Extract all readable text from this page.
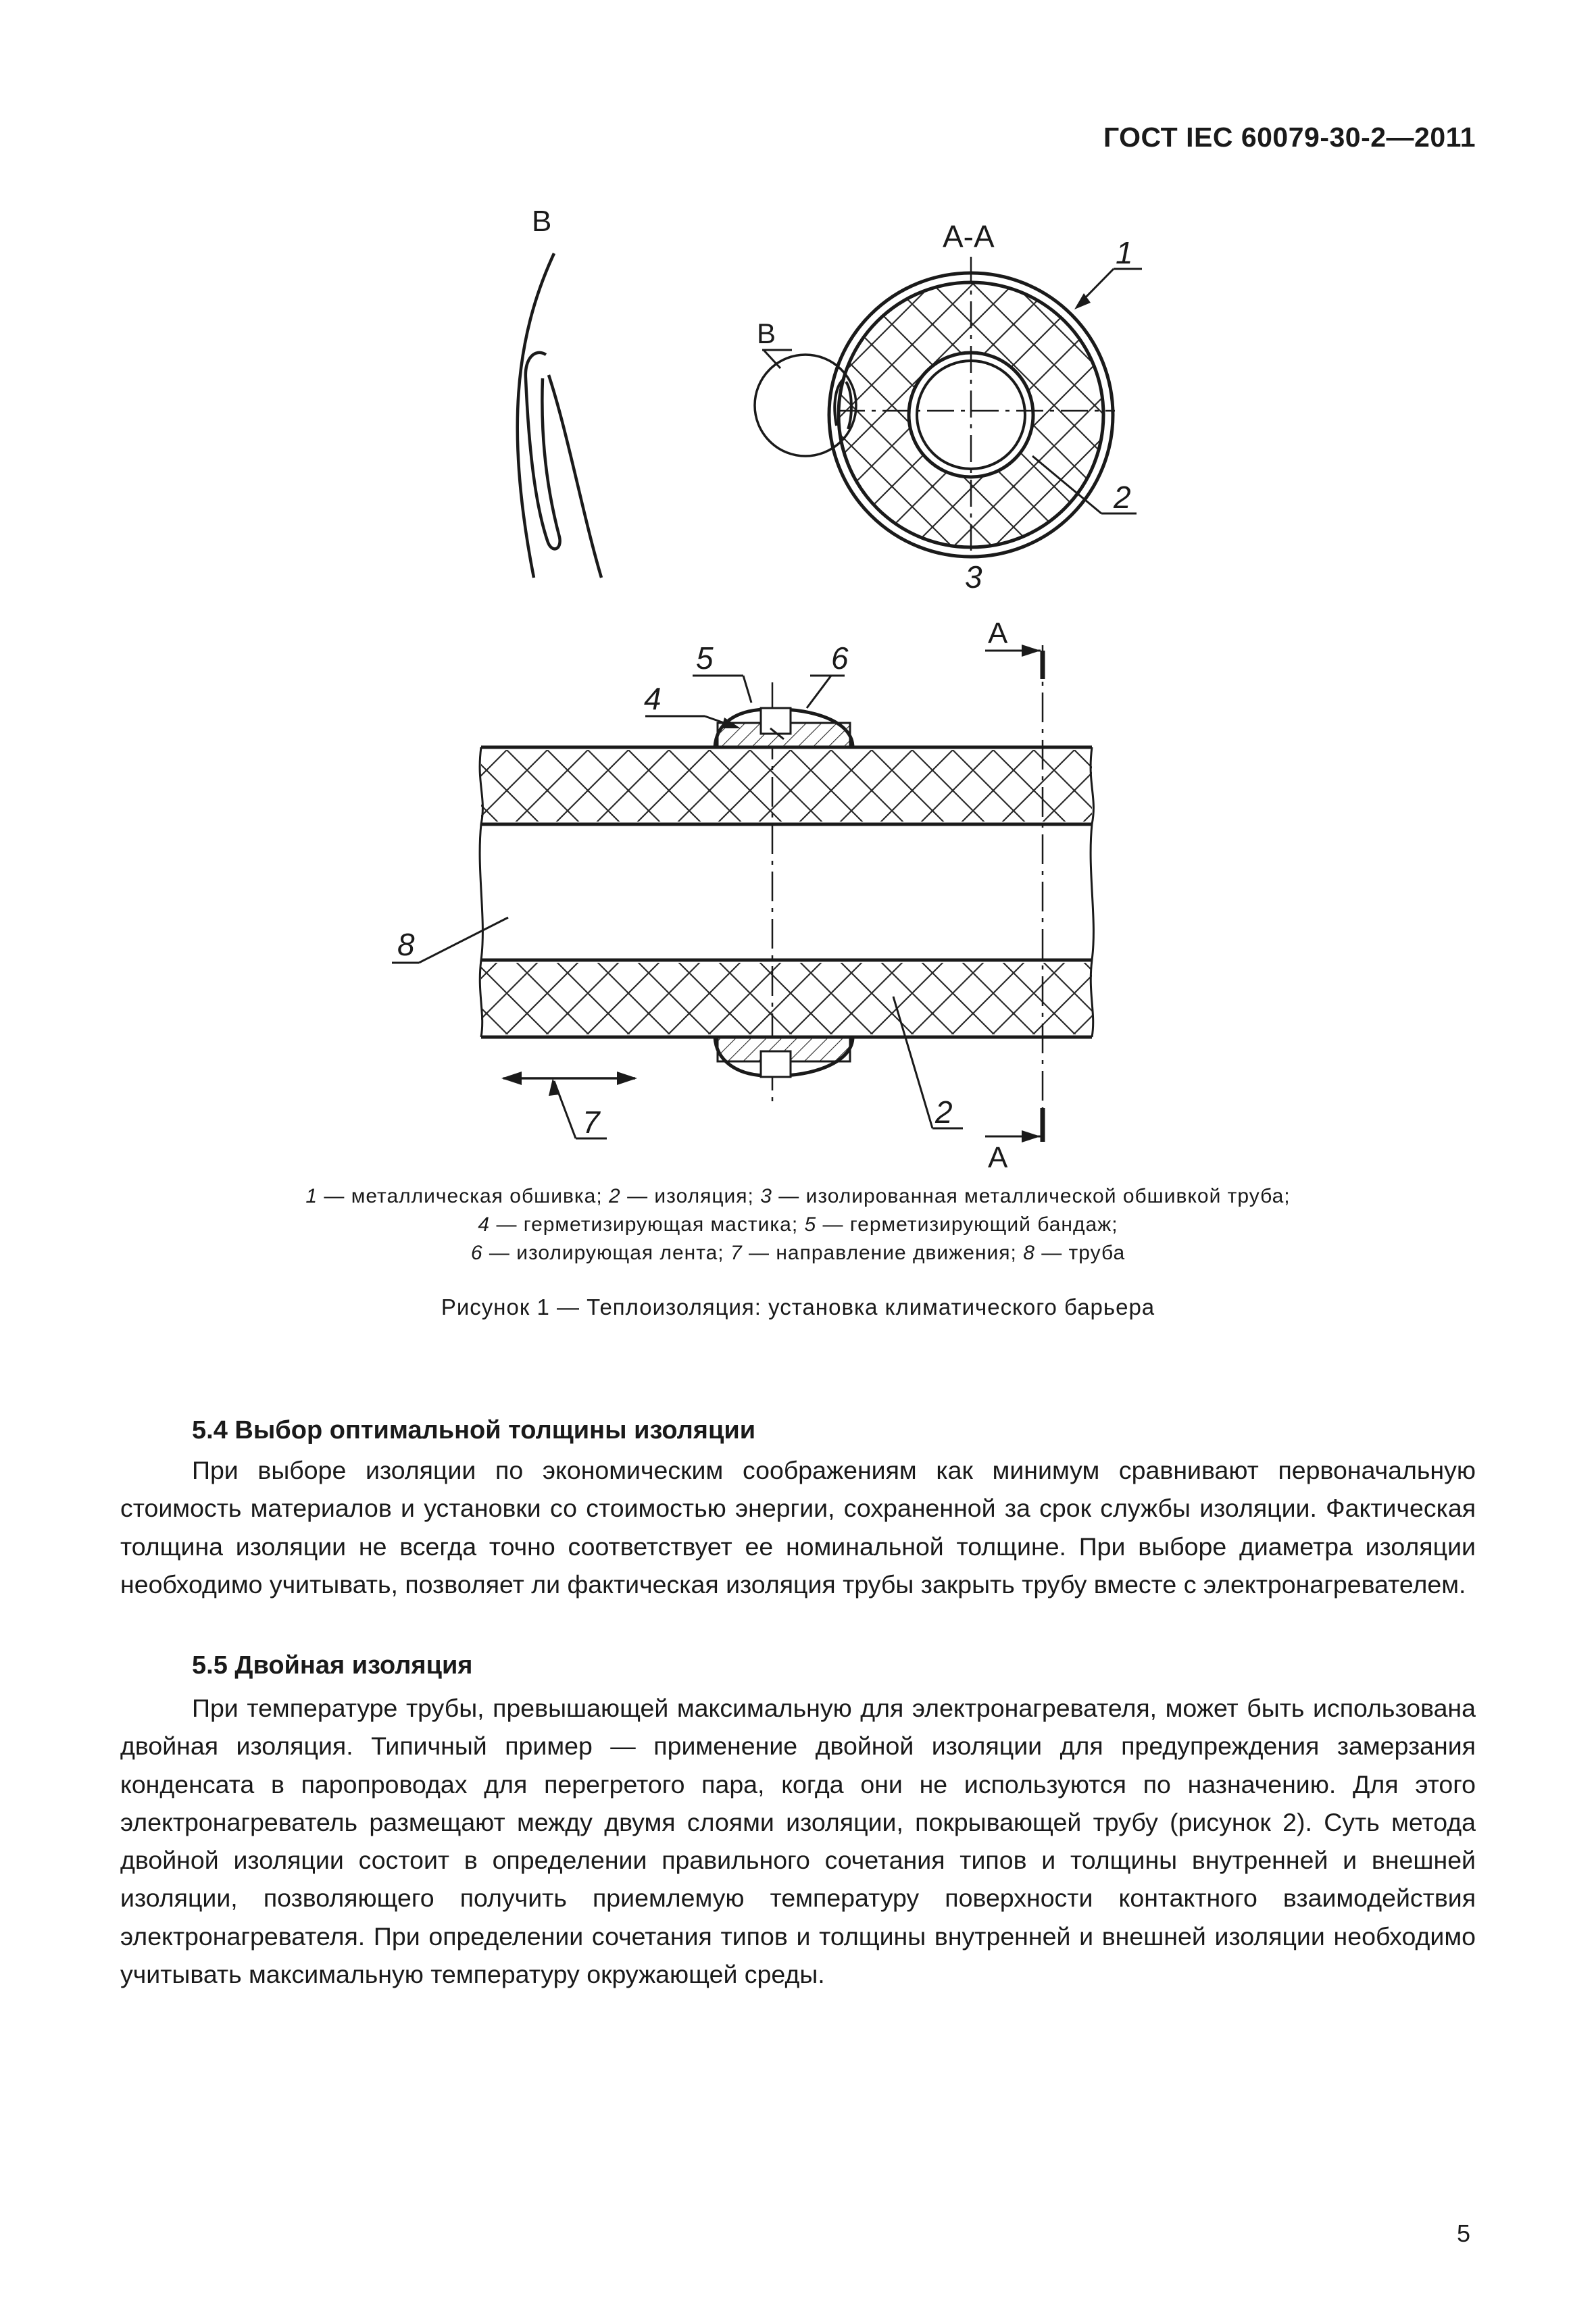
ГОСТ IEC 60079-30-2—2011
B	A-A
B
1
2
3
4
5	6
7
8
2
A
A
1 — металлическая обшивка; 2 — изоляция; 3 — изолированная металлической обшивкой труба;
4 — герметизирующая мастика; 5 — герметизирующий бандаж;
6 — изолирующая лента; 7 — направление движения; 8 — труба
Рисунок 1 — Теплоизоляция: установка климатического барьера
5.4 Выбор оптимальной толщины изоляции

При выборе изоляции по экономическим соображениям как минимум сравнивают первоначальную стоимость материалов и установки со стоимостью энергии, сохраненной за срок службы изоляции. Фактическая толщина изоляции не всегда точно соответствует ее номинальной толщине. При выборе диаметра изоляции необходимо учитывать, позволяет ли фактическая изоляция трубы закрыть трубу вместе с электронагревателем.

5.5 Двойная изоляция

При температуре трубы, превышающей максимальную для электронагревателя, может быть использована двойная изоляция. Типичный пример — применение двойной изоляции для предупреждения замерзания конденсата в паропроводах для перегретого пара, когда они не используются по назначению. Для этого электронагреватель размещают между двумя слоями изоляции, покрывающей трубу (рисунок 2). Суть метода двойной изоляции состоит в определении правильного сочетания типов и толщины внутренней и внешней изоляции, позволяющего получить приемлемую температуру поверхности контактного взаимодействия электронагревателя. При определении сочетания типов и толщины внутренней и внешней изоляции необходимо учитывать максимальную температуру окружающей среды.

5
